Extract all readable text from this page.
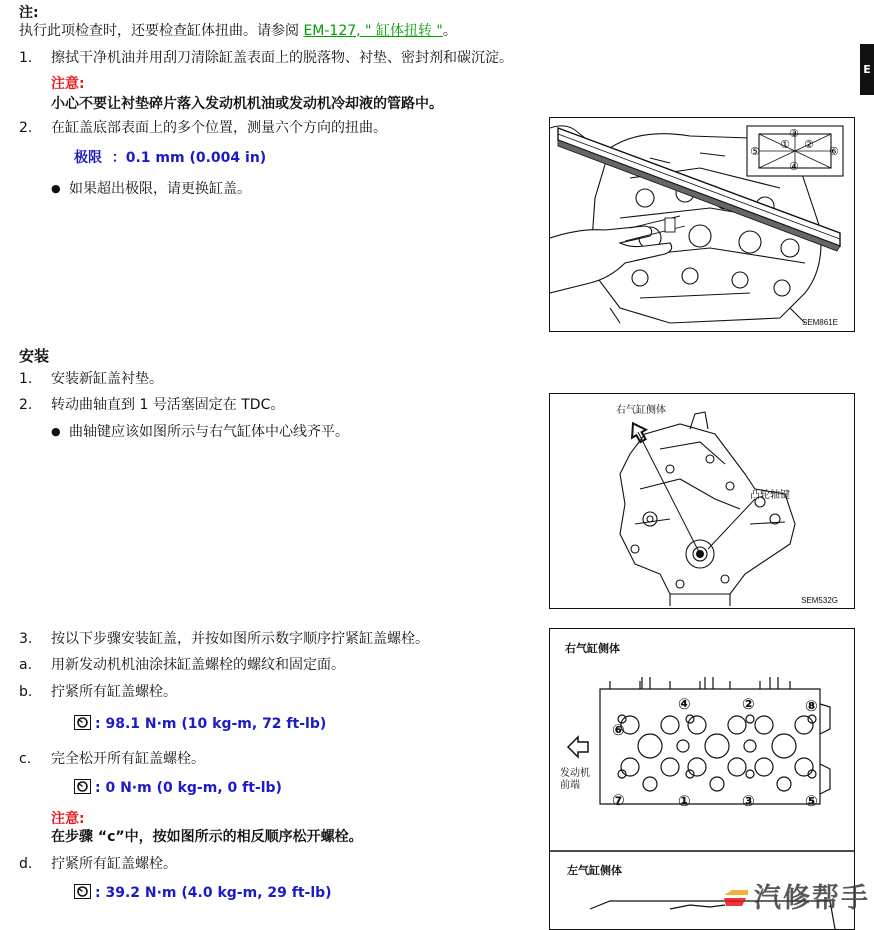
E
注:
执行此项检查时，还要检查缸体扭曲。请参阅 EM-127, " 缸体扭转 "。
1. 擦拭干净机油并用刮刀清除缸盖表面上的脱落物、衬垫、密封剂和碳沉淀。
注意:
小心不要让衬垫碎片落入发动机机油或发动机冷却液的管路中。
2. 在缸盖底部表面上的多个位置，测量六个方向的扭曲。
极限 ：0.1 mm (0.004 in)
● 如果超出极限，请更换缸盖。
③
⑤
① ②
⑥
④
SEM861E
安装
1. 安装新缸盖衬垫。
2. 转动曲轴直到 1 号活塞固定在 TDC。
● 曲轴键应该如图所示与右气缸体中心线齐平。
右气缸侧体
凸轮轴键
SEM532G
3. 按以下步骤安装缸盖，并按如图所示数字顺序拧紧缸盖螺栓。
a. 用新发动机机油涂抹缸盖螺栓的螺纹和固定面。
b. 拧紧所有缸盖螺栓。
: 98.1 N·m (10 kg-m, 72 ft-lb)
c. 完全松开所有缸盖螺栓。
: 0 N·m (0 kg-m, 0 ft-lb)
注意:
在步骤 “c”中，按如图所示的相反顺序松开螺栓。
d. 拧紧所有缸盖螺栓。
: 39.2 N·m (4.0 kg-m, 29 ft-lb)
右气缸侧体
发动机
前端
左气缸侧体
⑥
④	②	⑧
⑦	①	③	⑤
汽修帮手
